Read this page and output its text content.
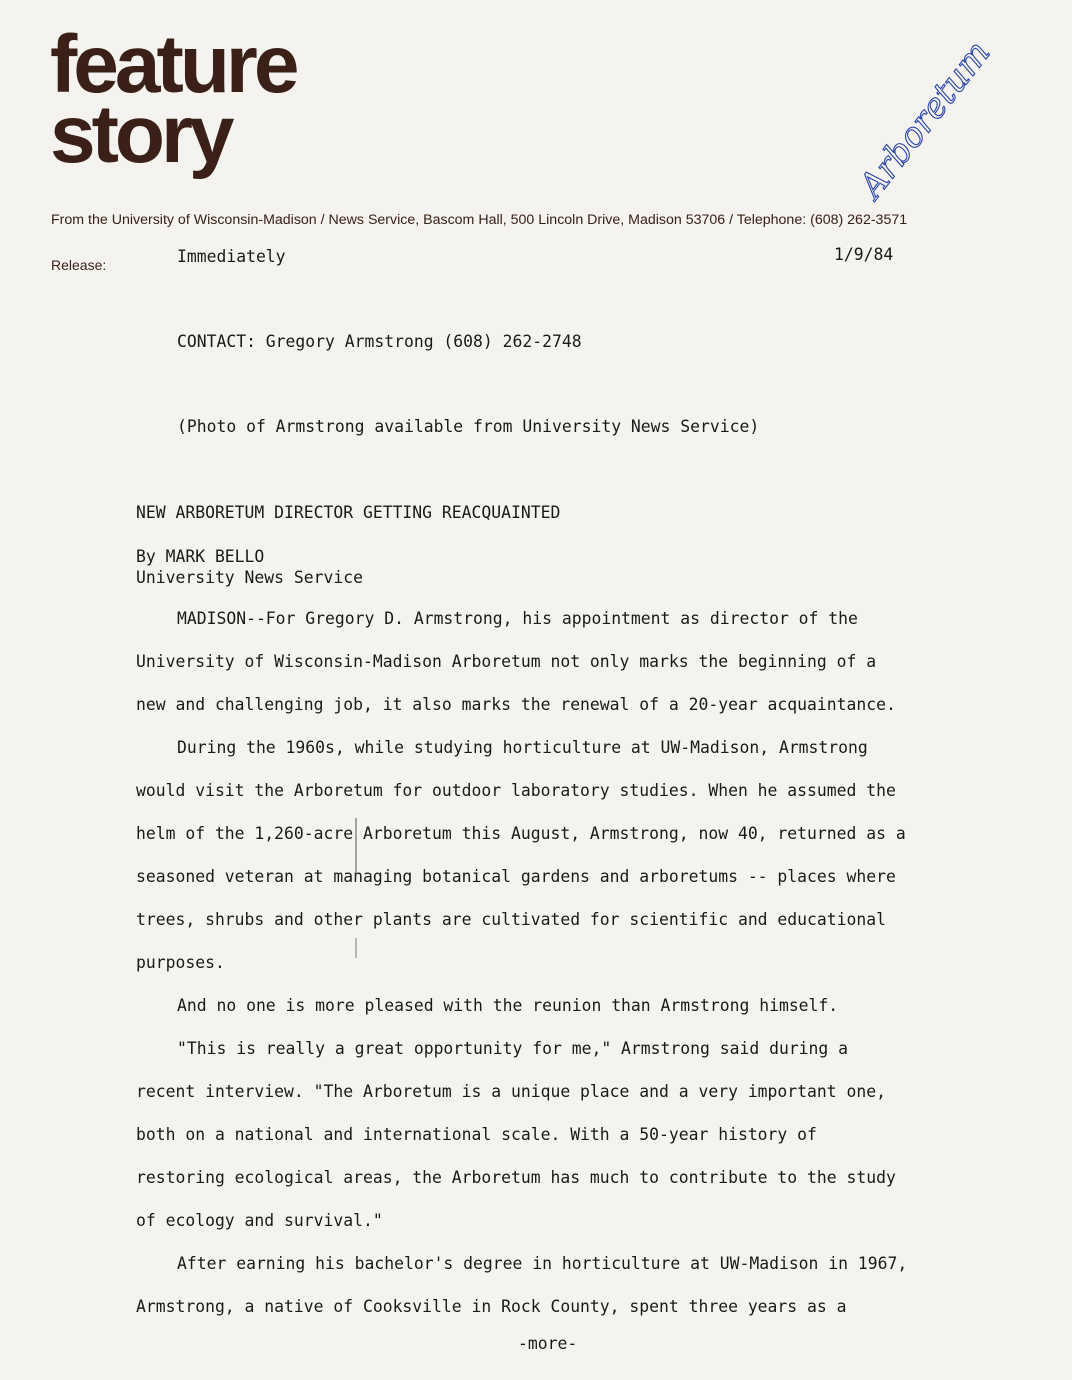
feature
story	Arboretum
From the University of Wisconsin-Madison / News Service, Bascom Hall, 500 Lincoln Drive, Madison 53706 / Telephone: (608) 262-3571
Release:	Immediately	1/9/84
CONTACT: Gregory Armstrong (608) 262-2748
(Photo of Armstrong available from University News Service)
NEW ARBORETUM DIRECTOR GETTING REACQUAINTED
By MARK BELLO
University News Service
MADISON--For Gregory D. Armstrong, his appointment as director of the
University of Wisconsin-Madison Arboretum not only marks the beginning of a
new and challenging job, it also marks the renewal of a 20-year acquaintance.
During the 1960s, while studying horticulture at UW-Madison, Armstrong
would visit the Arboretum for outdoor laboratory studies. When he assumed the
helm of the 1,260-acre Arboretum this August, Armstrong, now 40, returned as a
seasoned veteran at managing botanical gardens and arboretums -- places where
trees, shrubs and other plants are cultivated for scientific and educational
purposes.
And no one is more pleased with the reunion than Armstrong himself.
"This is really a great opportunity for me," Armstrong said during a
recent interview. "The Arboretum is a unique place and a very important one,
both on a national and international scale. With a 50-year history of
restoring ecological areas, the Arboretum has much to contribute to the study
of ecology and survival."
After earning his bachelor's degree in horticulture at UW-Madison in 1967,
Armstrong, a native of Cooksville in Rock County, spent three years as a
-more-
